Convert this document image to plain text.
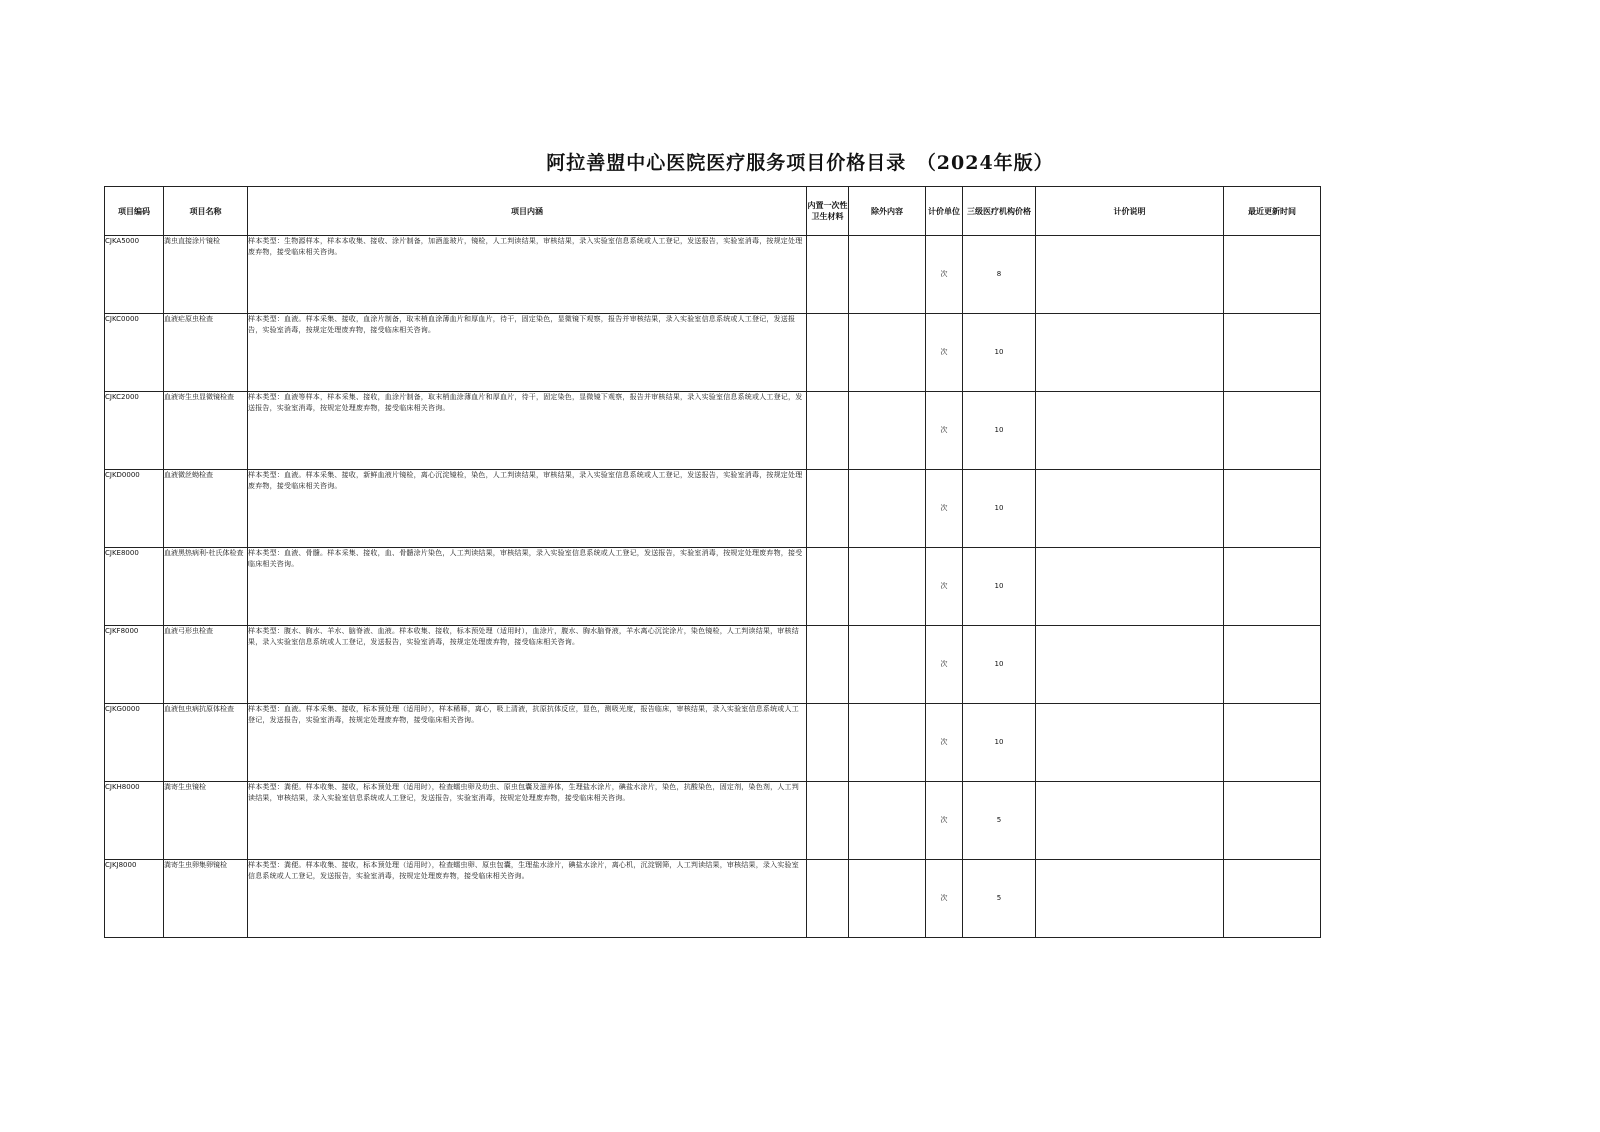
阿拉善盟中心医院医疗服务项目价格目录　（2024年版）
项目编码	项目名称	项目内涵	内置一次性卫生材料	除外内容	计价单位	三级医疗机构价格	计价说明	最近更新时间
CJKA5000	粪虫直接涂片镜检	样本类型：生物源样本，样本本收集、接收、涂片制备，加酒盖玻片，镜检，人工判读结果，审核结果，录入实验室信息系统或人工登记，发送报告，实验室消毒，按规定处理废弃物，接受临床相关咨询。			次	8		
CJKC0000	血液疟原虫检查	样本类型：血液。样本采集、接收，血涂片制备，取末梢血涂薄血片和厚血片，待干，固定染色，显微镜下观察，报告并审核结果，录入实验室信息系统或人工登记，发送报告，实验室消毒，按规定处理废弃物，接受临床相关咨询。			次	10		
CJKC2000	血液寄生虫显微镜检查	样本类型：血液等样本，样本采集、接收，血涂片制备，取末梢血涂薄血片和厚血片，待干，固定染色，显微镜下观察，报告并审核结果，录入实验室信息系统或人工登记，发送报告，实验室消毒，按规定处理废弃物，接受临床相关咨询。			次	10		
CJKD0000	血液微丝蚴检查	样本类型：血液。样本采集、接收，新鲜血液片镜检，离心沉淀镜检，染色，人工判读结果，审核结果，录入实验室信息系统或人工登记，发送报告，实验室消毒，按规定处理废弃物，接受临床相关咨询。			次	10		
CJKE8000	血液黑热病利-杜氏体检查	样本类型：血液、骨髓。样本采集、接收，血、骨髓涂片染色，人工判读结果，审核结果，录入实验室信息系统或人工登记，发送报告，实验室消毒，按规定处理废弃物，接受临床相关咨询。			次	10		
CJKF8000	血液弓形虫检查	样本类型：腹水、胸水、羊水、脑脊液、血液。样本收集、接收，标本预处理（适用时），血涂片，腹水、胸水脑脊液，羊水离心沉淀涂片，染色镜检，人工判读结果，审核结果，录入实验室信息系统或人工登记，发送报告，实验室消毒，按规定处理废弃物，接受临床相关咨询。			次	10		
CJKG0000	血液包虫病抗原体检查	样本类型：血液。样本采集、接收，标本预处理（适用时），样本稀释，离心，吸上清液，抗原抗体反应，显色，测吸光度，报告临床，审核结果，录入实验室信息系统或人工登记，发送报告，实验室消毒，按规定处理废弃物，接受临床相关咨询。			次	10		
CJKH8000	粪寄生虫镜检	样本类型：粪便。样本收集、接收，标本预处理（适用时），检查蠕虫卵及幼虫、原虫包囊及滋养体，生理盐水涂片，碘盐水涂片，染色，抗酸染色，固定剂，染色剂，人工判读结果，审核结果，录入实验室信息系统或人工登记，发送报告，实验室消毒，按规定处理废弃物，接受临床相关咨询。			次	5		
CJKJ8000	粪寄生虫卵集卵镜检	样本类型：粪便。样本收集、接收，标本预处理（适用时），检查蠕虫卵、原虫包囊，生理盐水涂片，碘盐水涂片，离心机，沉淀钢筛，人工判读结果，审核结果，录入实验室信息系统或人工登记，发送报告，实验室消毒，按规定处理废弃物，接受临床相关咨询。			次	5		
